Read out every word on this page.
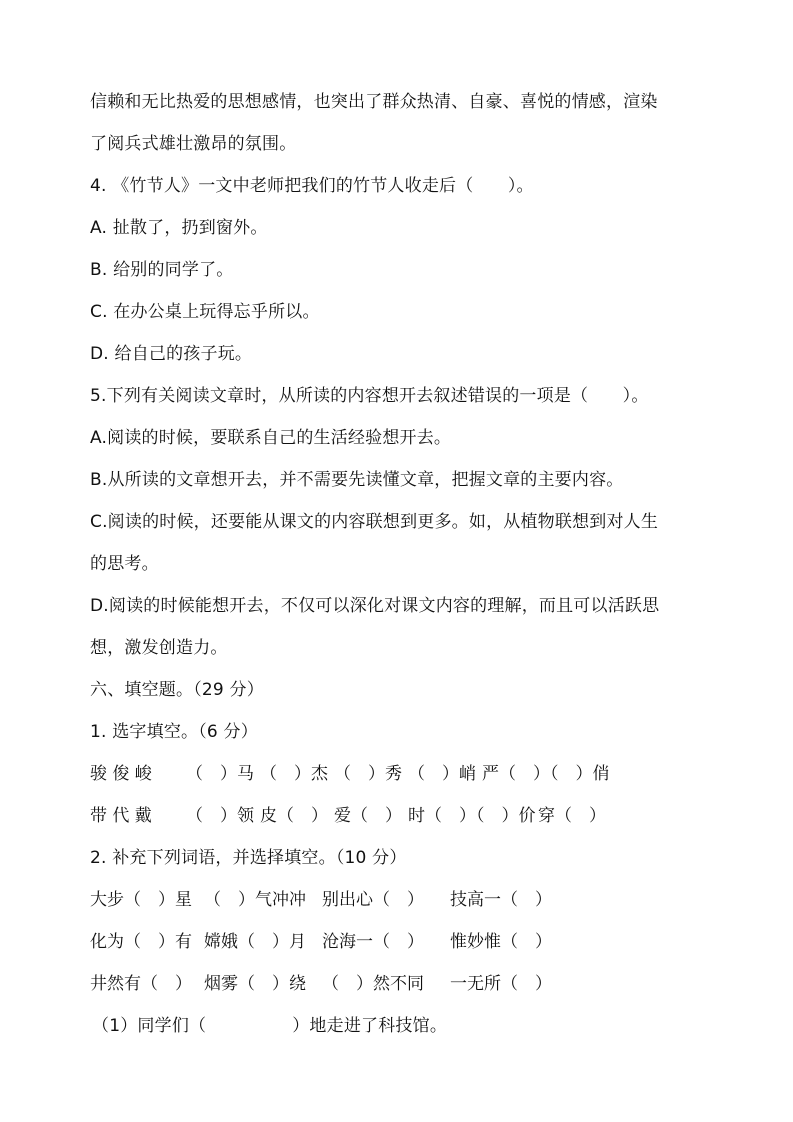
信赖和无比热爱的思想感情，也突出了群众热清、自豪、喜悦的情感，渲染
了阅兵式雄壮激昂的氛围。
4. 《竹节人》一文中老师把我们的竹节人收走后（　　）。
A. 扯散了，扔到窗外。
B. 给别的同学了。
C. 在办公桌上玩得忘乎所以。
D. 给自己的孩子玩。
5.下列有关阅读文章时，从所读的内容想开去叙述错误的一项是（　　）。
A.阅读的时候，要联系自己的生活经验想开去。
B.从所读的文章想开去，并不需要先读懂文章，把握文章的主要内容。
C.阅读的时候，还要能从课文的内容联想到更多。如，从植物联想到对人生
的思考。
D.阅读的时候能想开去，不仅可以深化对课文内容的理解，而且可以活跃思
想，激发创造力。
六、填空题。（29 分）
1. 选字填空。（6 分）
骏 俊 峻 （　）马 （　）杰 （　）秀 （　）峭 严（　）（　）俏
带 代 戴 （　）领 皮（　） 爱（　） 时（　）（　）价 穿（　）
2. 补充下列词语，并选择填空。（10 分）
大步（　）星 （　）气冲冲 别出心（　） 技高一（　）
化为（　）有 嫦娥（　）月 沧海一（　） 惟妙惟（　）
井然有（　） 烟雾（　）绕 （　）然不同 一无所（　）
（1）同学们（　　　　　）地走进了科技馆。
